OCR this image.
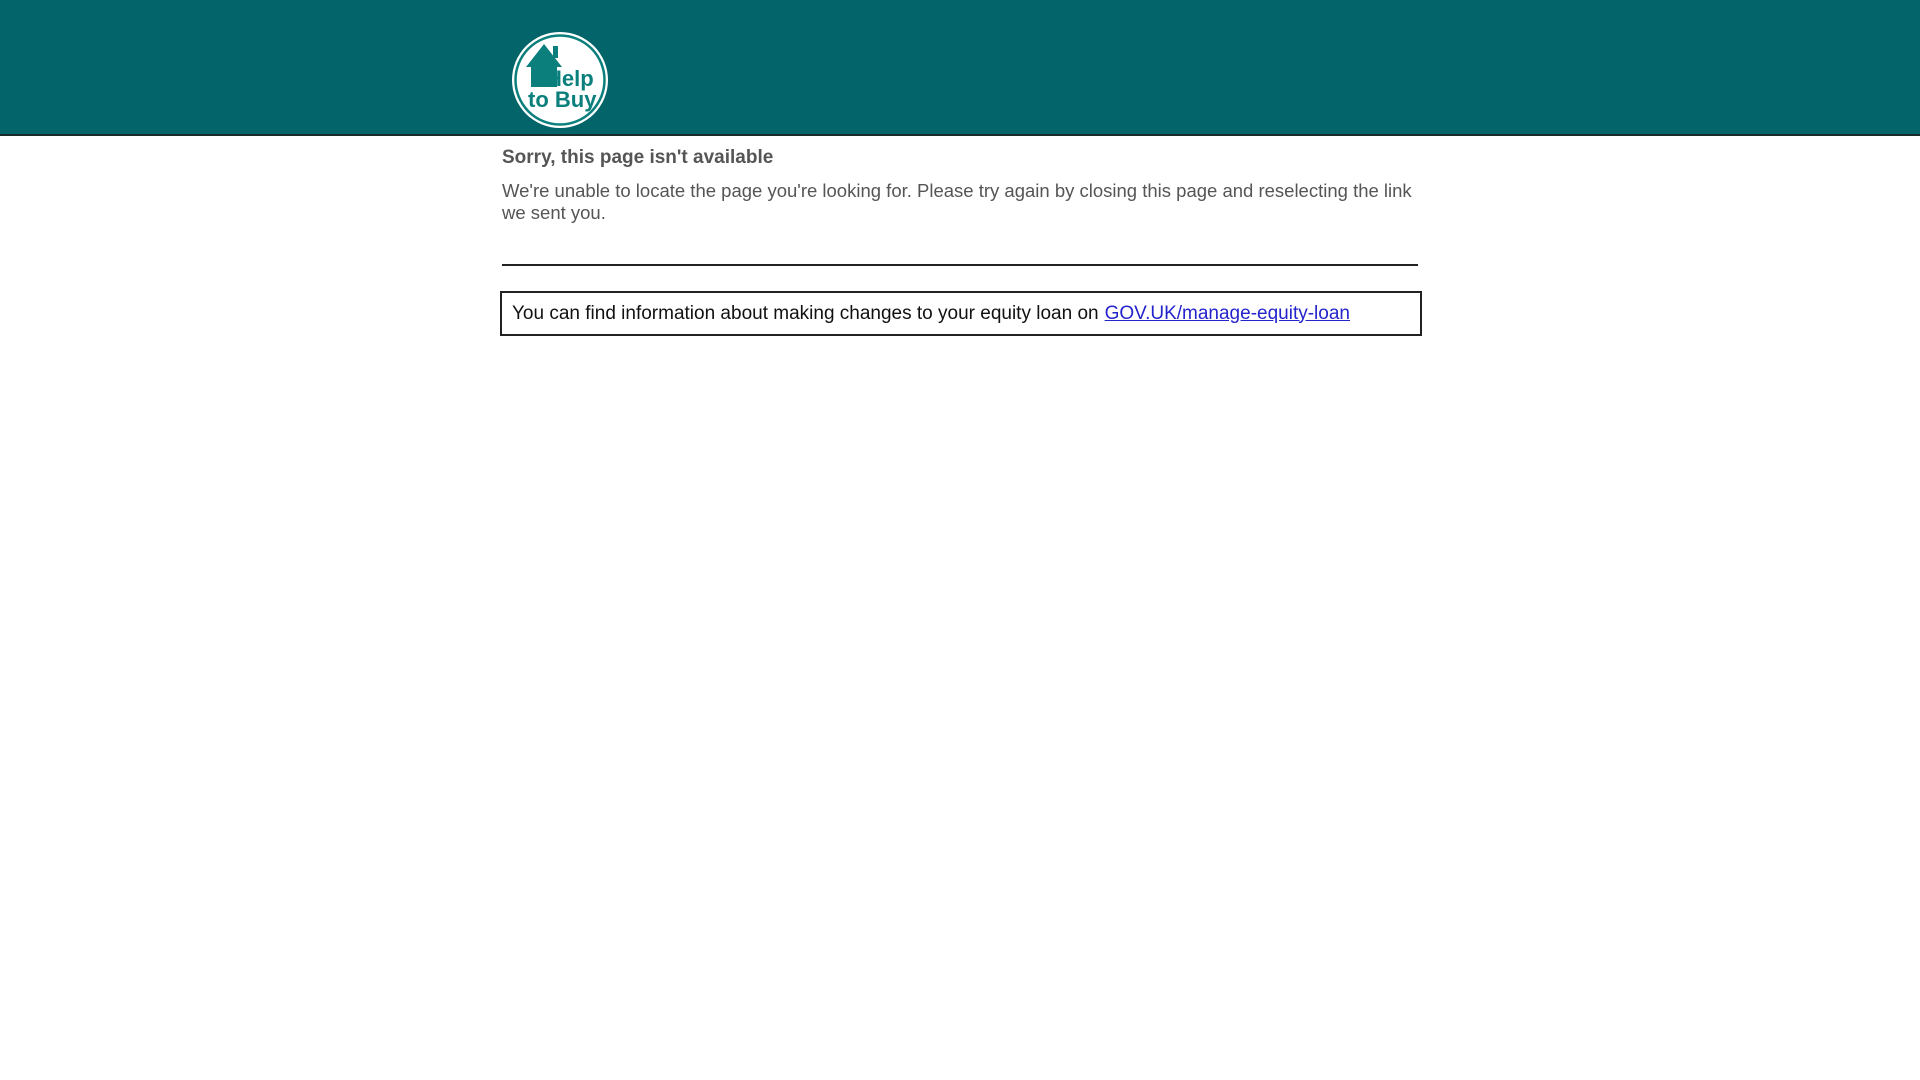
Help
to Buy
Sorry, this page isn't available

We're unable to locate the page you're looking for. Please try again by closing this page and reselecting the link we sent you.

You can find information about making changes to your equity loan on GOV.UK/manage-equity-loan
